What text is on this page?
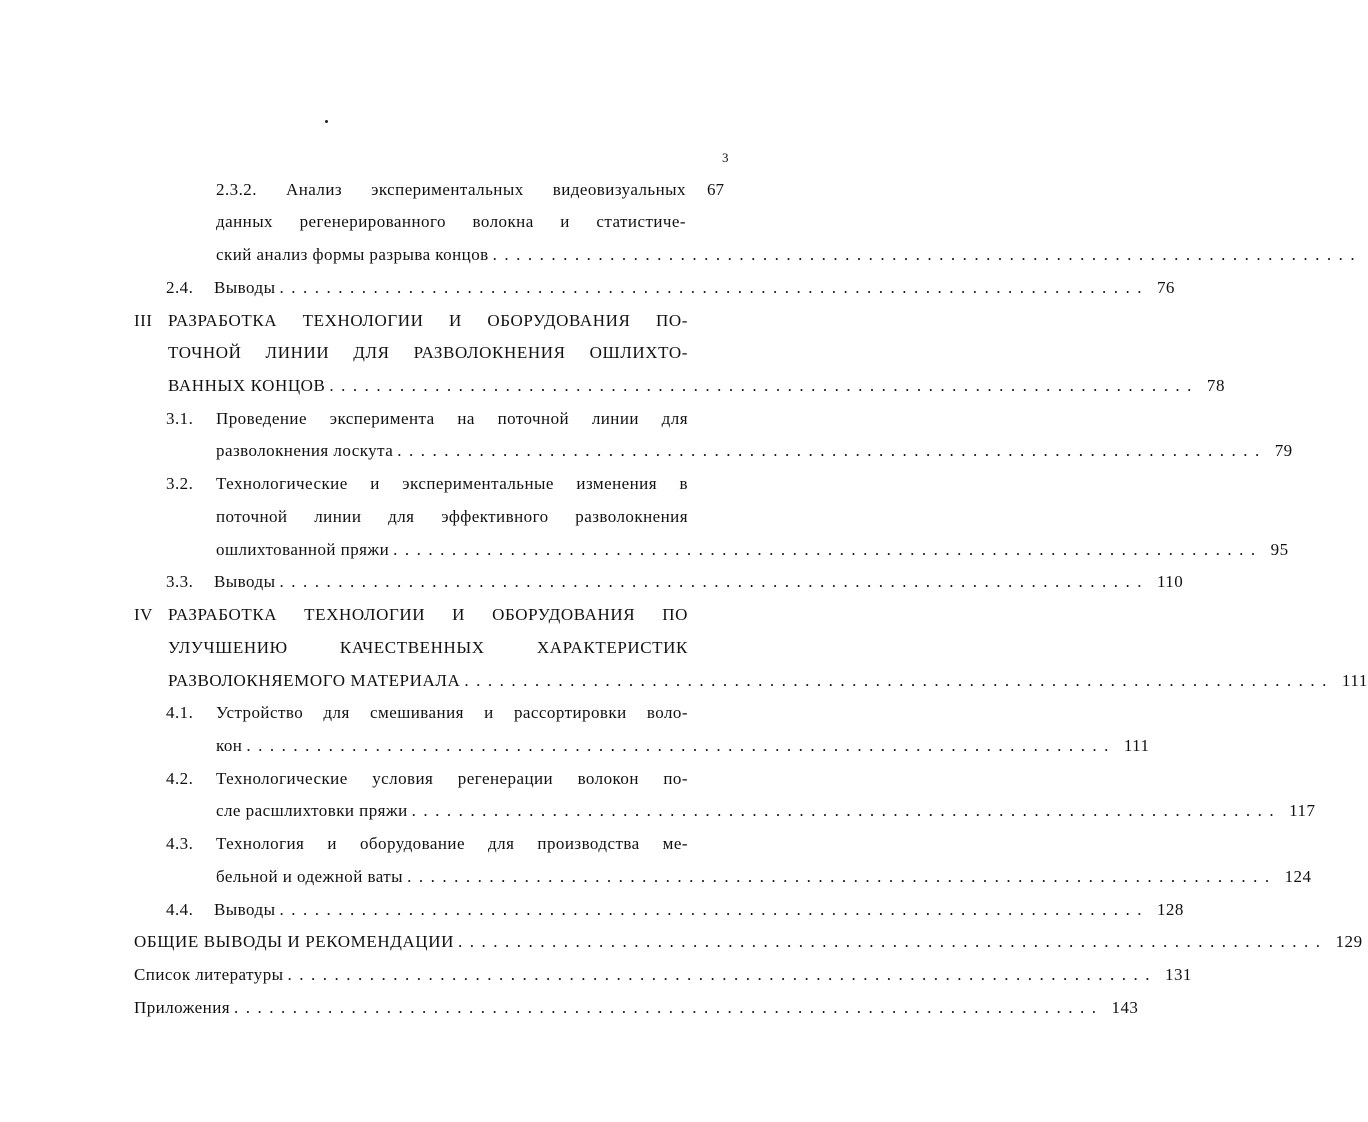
3
2.3.2. Анализ экспериментальных видеовизуальных	67
данных регенерированного волокна и статистиче-
ский анализ формы разрыва концов ..........................................................................
2.4. Выводы .......................................................................... 76
III РАЗРАБОТКА ТЕХНОЛОГИИ И ОБОРУДОВАНИЯ ПО-
ТОЧНОЙ ЛИНИИ ДЛЯ РАЗВОЛОКНЕНИЯ ОШЛИХТО-
ВАННЫХ КОНЦОВ .......................................................................... 78
3.1. Проведение эксперимента на поточной линии для
разволокнения лоскута .......................................................................... 79
3.2. Технологические и экспериментальные изменения в
поточной линии для эффективного разволокнения
ошлихтованной пряжи .......................................................................... 95
3.3. Выводы .......................................................................... 110
IV РАЗРАБОТКА ТЕХНОЛОГИИ И ОБОРУДОВАНИЯ ПО
УЛУЧШЕНИЮ КАЧЕСТВЕННЫХ ХАРАКТЕРИСТИК
РАЗВОЛОКНЯЕМОГО МАТЕРИАЛА .......................................................................... 111
4.1. Устройство для смешивания и рассортировки воло-
кон .......................................................................... 111
4.2. Технологические условия регенерации волокон по-
сле расшлихтовки пряжи .......................................................................... 117
4.3. Технология и оборудование для производства ме-
бельной и одежной ваты .......................................................................... 124
4.4. Выводы .......................................................................... 128
ОБЩИЕ ВЫВОДЫ И РЕКОМЕНДАЦИИ .......................................................................... 129
Список литературы .......................................................................... 131
Приложения .......................................................................... 143
